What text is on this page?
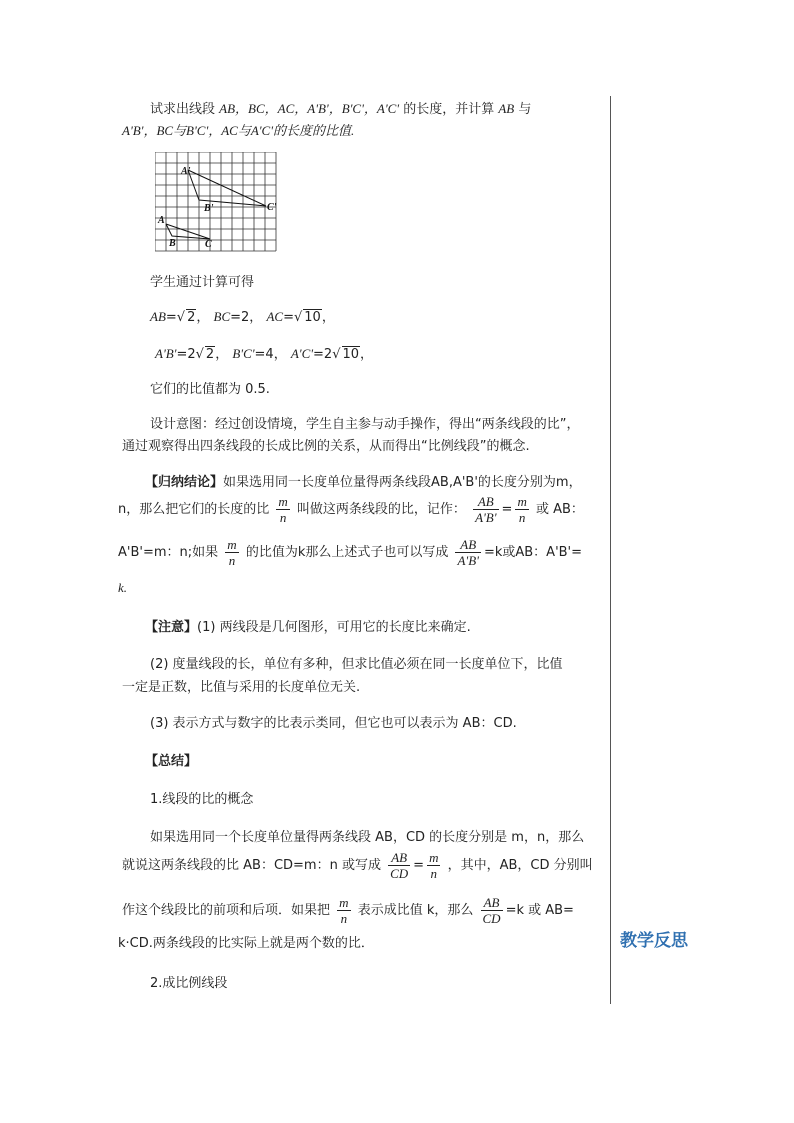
试求出线段 AB，BC，AC，A'B'，B'C'，A'C' 的长度，并计算 AB 与
A'B'，BC与B'C'，AC与A'C'的长度的比值.
A'
B'	C'
A
B	C
学生通过计算可得
AB=√ 2， BC=2， AC=√ 10，
A'B'=2√ 2， B'C'=4， A'C'=2√ 10，
它们的比值都为 0.5.
设计意图：经过创设情境，学生自主参与动手操作，得出“两条线段的比”，
通过观察得出四条线段的长成比例的关系，从而得出“比例线段”的概念.
【归纳结论】如果选用同一长度单位量得两条线段AB,A'B'的长度分别为m，
n，那么把它们的长度的比 $\frac{m}{n}$ 叫做这两条线段的比，记作： $\frac{AB}{A'B'} = \frac{m}{n}$ 或 AB：
A'B'=m：n;如果 $\frac{m}{n}$ 的比值为k那么上述式子也可以写成 $\frac{AB}{A'B'} =k$或AB：A'B'=
k.
【注意】(1) 两线段是几何图形，可用它的长度比来确定.
(2) 度量线段的长，单位有多种，但求比值必须在同一长度单位下，比值
一定是正数，比值与采用的长度单位无关.
(3) 表示方式与数字的比表示类同，但它也可以表示为 AB：CD.
【总结】
1.线段的比的概念
如果选用同一个长度单位量得两条线段 AB，CD 的长度分别是 m，n，那么
就说这两条线段的比 AB：CD=m：n 或写成 $\frac{AB}{CD} = \frac{m}{n}$ ，其中，AB，CD 分别叫
作这个线段比的前项和后项．如果把 $\frac{m}{n}$ 表示成比值 k，那么 $\frac{AB}{CD} =k$ 或 AB=
k·CD.两条线段的比实际上就是两个数的比．
2.成比例线段
教学反思
